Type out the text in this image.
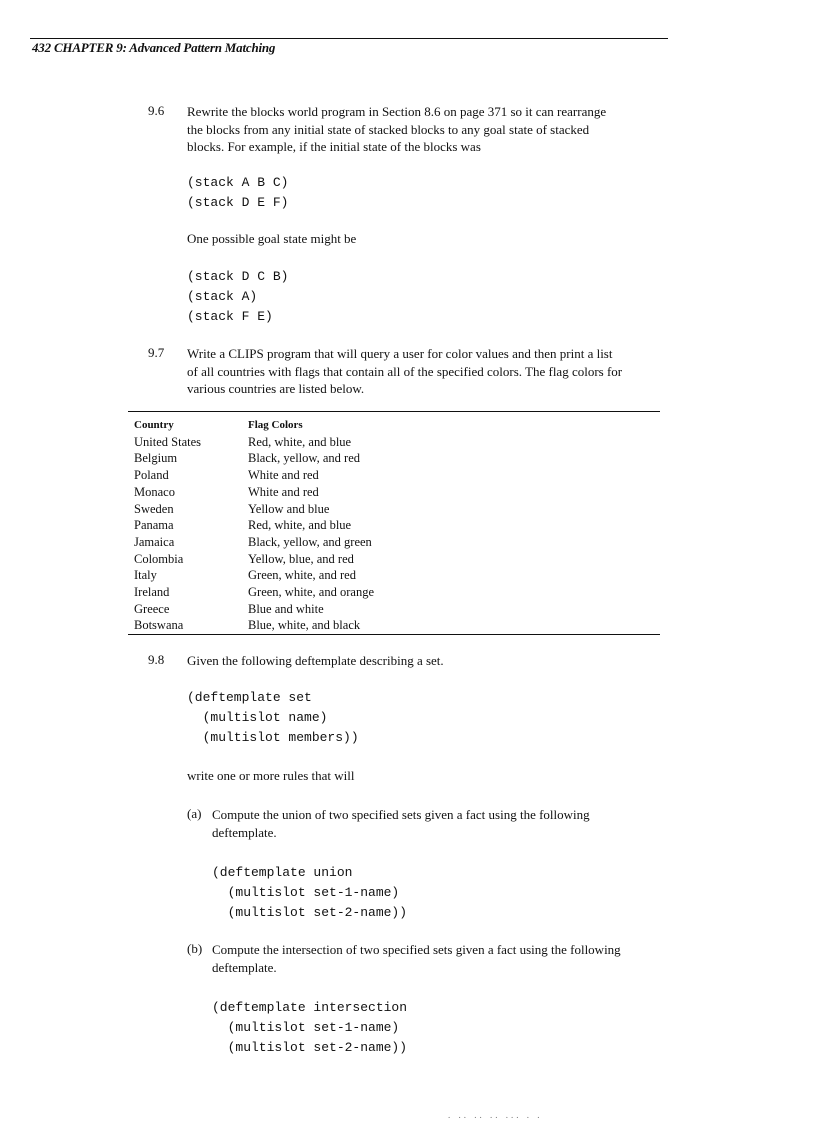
432 CHAPTER 9: Advanced Pattern Matching
9.6 Rewrite the blocks world program in Section 8.6 on page 371 so it can rearrange
the blocks from any initial state of stacked blocks to any goal state of stacked
blocks. For example, if the initial state of the blocks was
(stack A B C)
(stack D E F)
One possible goal state might be
(stack D C B)
(stack A)
(stack F E)
9.7 Write a CLIPS program that will query a user for color values and then print a list
of all countries with flags that contain all of the specified colors. The flag colors for
various countries are listed below.
Country	Flag Colors
United States	Red, white, and blue
Belgium	Black, yellow, and red
Poland	White and red
Monaco	White and red
Sweden	Yellow and blue
Panama	Red, white, and blue
Jamaica	Black, yellow, and green
Colombia	Yellow, blue, and red
Italy	Green, white, and red
Ireland	Green, white, and orange
Greece	Blue and white
Botswana	Blue, white, and black
9.8 Given the following deftemplate describing a set.
(deftemplate set
(multislot name)
(multislot members))
write one or more rules that will
(a) Compute the union of two specified sets given a fact using the following
deftemplate.
(deftemplate union
(multislot set-1-name)
(multislot set-2-name))
(b) Compute the intersection of two specified sets given a fact using the following
deftemplate.
(deftemplate intersection
(multislot set-1-name)
(multislot set-2-name))
. .. .. .. ... . .
